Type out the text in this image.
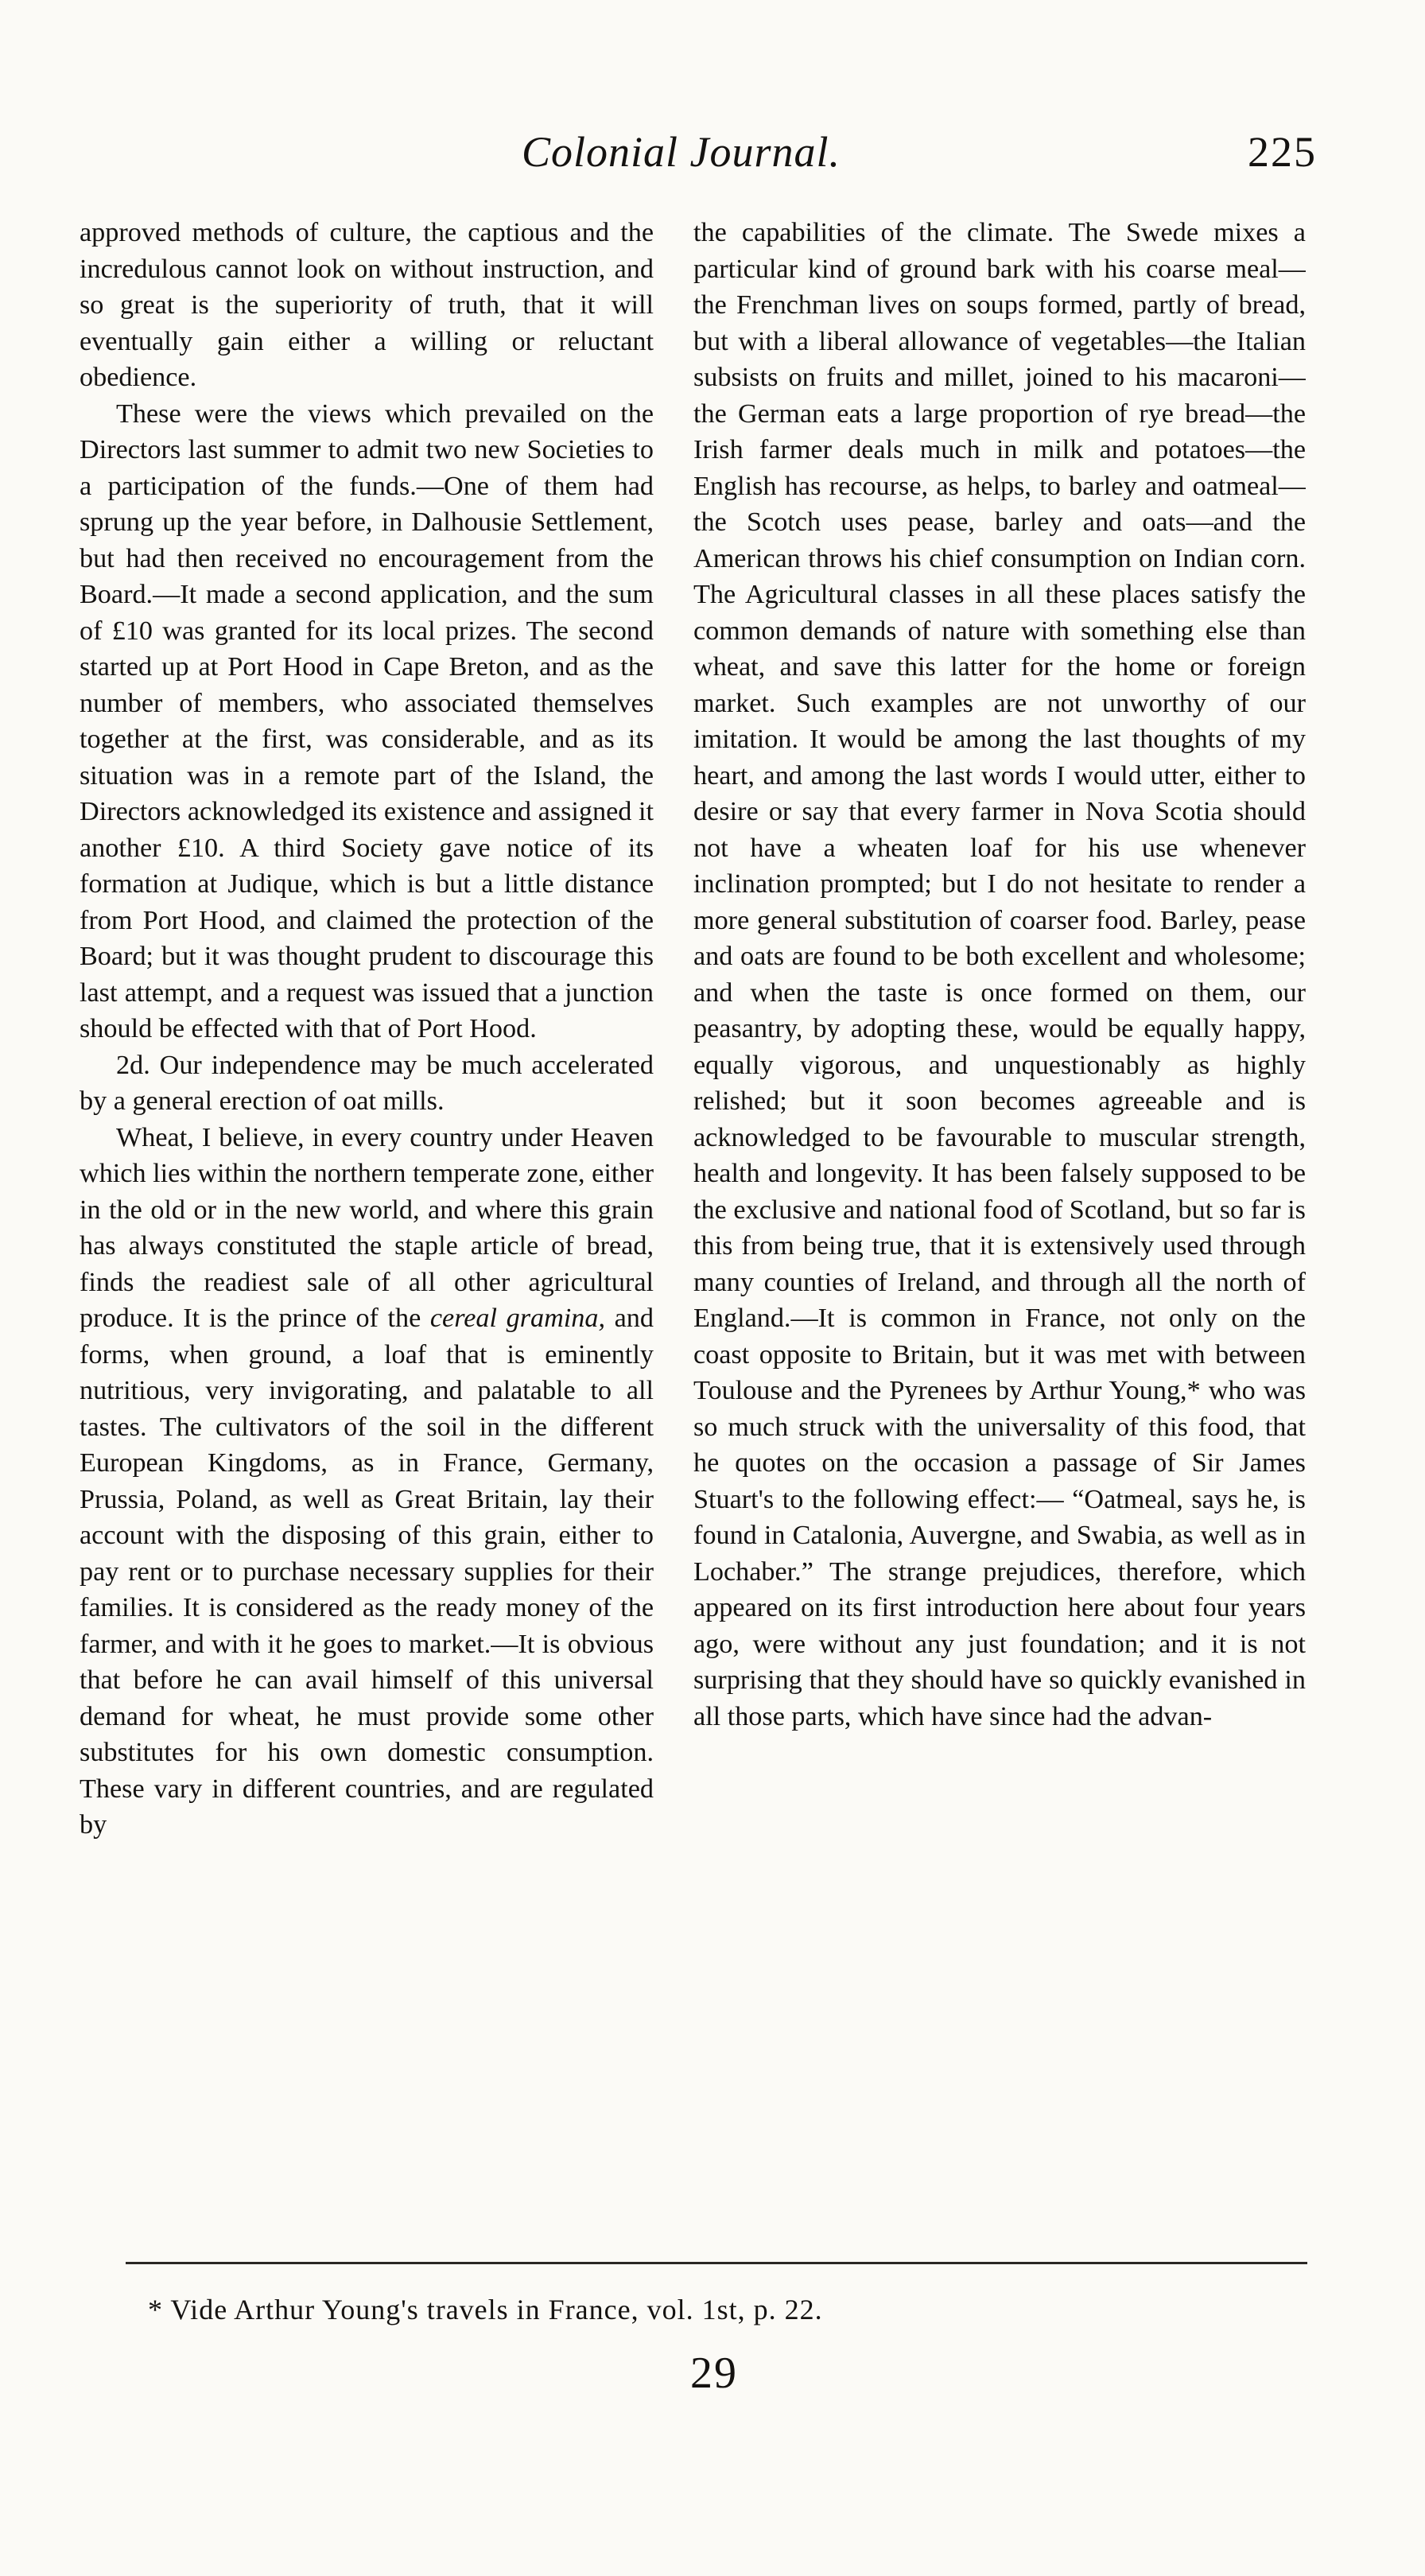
Colonial Journal.	225

approved methods of culture, the captious and the incredulous cannot look on without instruction, and so great is the superiority of truth, that it will eventually gain either a willing or reluctant obedience.

These were the views which prevailed on the Directors last summer to admit two new Societies to a participation of the funds.—One of them had sprung up the year before, in Dalhousie Settlement, but had then received no encouragement from the Board.—It made a second application, and the sum of £10 was granted for its local prizes. The second started up at Port Hood in Cape Breton, and as the number of members, who associated themselves together at the first, was considerable, and as its situation was in a remote part of the Island, the Directors acknowledged its existence and assigned it another £10. A third Society gave notice of its formation at Judique, which is but a little distance from Port Hood, and claimed the protection of the Board; but it was thought prudent to discourage this last attempt, and a request was issued that a junction should be effected with that of Port Hood.

2d. Our independence may be much accelerated by a general erection of oat mills.

Wheat, I believe, in every country under Heaven which lies within the northern temperate zone, either in the old or in the new world, and where this grain has always constituted the staple article of bread, finds the readiest sale of all other agricultural produce. It is the prince of the cereal gramina, and forms, when ground, a loaf that is eminently nutritious, very invigorating, and palatable to all tastes. The cultivators of the soil in the different European Kingdoms, as in France, Germany, Prussia, Poland, as well as Great Britain, lay their account with the disposing of this grain, either to pay rent or to purchase necessary supplies for their families. It is considered as the ready money of the farmer, and with it he goes to market.—It is obvious that before he can avail himself of this universal demand for wheat, he must provide some other substitutes for his own domestic consumption. These vary in different countries, and are regulated by

the capabilities of the climate. The Swede mixes a particular kind of ground bark with his coarse meal—the Frenchman lives on soups formed, partly of bread, but with a liberal allowance of vegetables—the Italian subsists on fruits and millet, joined to his macaroni—the German eats a large proportion of rye bread—the Irish farmer deals much in milk and potatoes—the English has recourse, as helps, to barley and oatmeal—the Scotch uses pease, barley and oats—and the American throws his chief consumption on Indian corn. The Agricultural classes in all these places satisfy the common demands of nature with something else than wheat, and save this latter for the home or foreign market. Such examples are not unworthy of our imitation. It would be among the last thoughts of my heart, and among the last words I would utter, either to desire or say that every farmer in Nova Scotia should not have a wheaten loaf for his use whenever inclination prompted; but I do not hesitate to render a more general substitution of coarser food. Barley, pease and oats are found to be both excellent and wholesome; and when the taste is once formed on them, our peasantry, by adopting these, would be equally happy, equally vigorous, and unquestionably as highly relished; but it soon becomes agreeable and is acknowledged to be favourable to muscular strength, health and longevity. It has been falsely supposed to be the exclusive and national food of Scotland, but so far is this from being true, that it is extensively used through many counties of Ireland, and through all the north of England.—It is common in France, not only on the coast opposite to Britain, but it was met with between Toulouse and the Pyrenees by Arthur Young,* who was so much struck with the universality of this food, that he quotes on the occasion a passage of Sir James Stuart's to the following effect:— “Oatmeal, says he, is found in Catalonia, Auvergne, and Swabia, as well as in Lochaber.” The strange prejudices, therefore, which appeared on its first introduction here about four years ago, were without any just foundation; and it is not surprising that they should have so quickly evanished in all those parts, which have since had the advan-

* Vide Arthur Young's travels in France, vol. 1st, p. 22.
29
